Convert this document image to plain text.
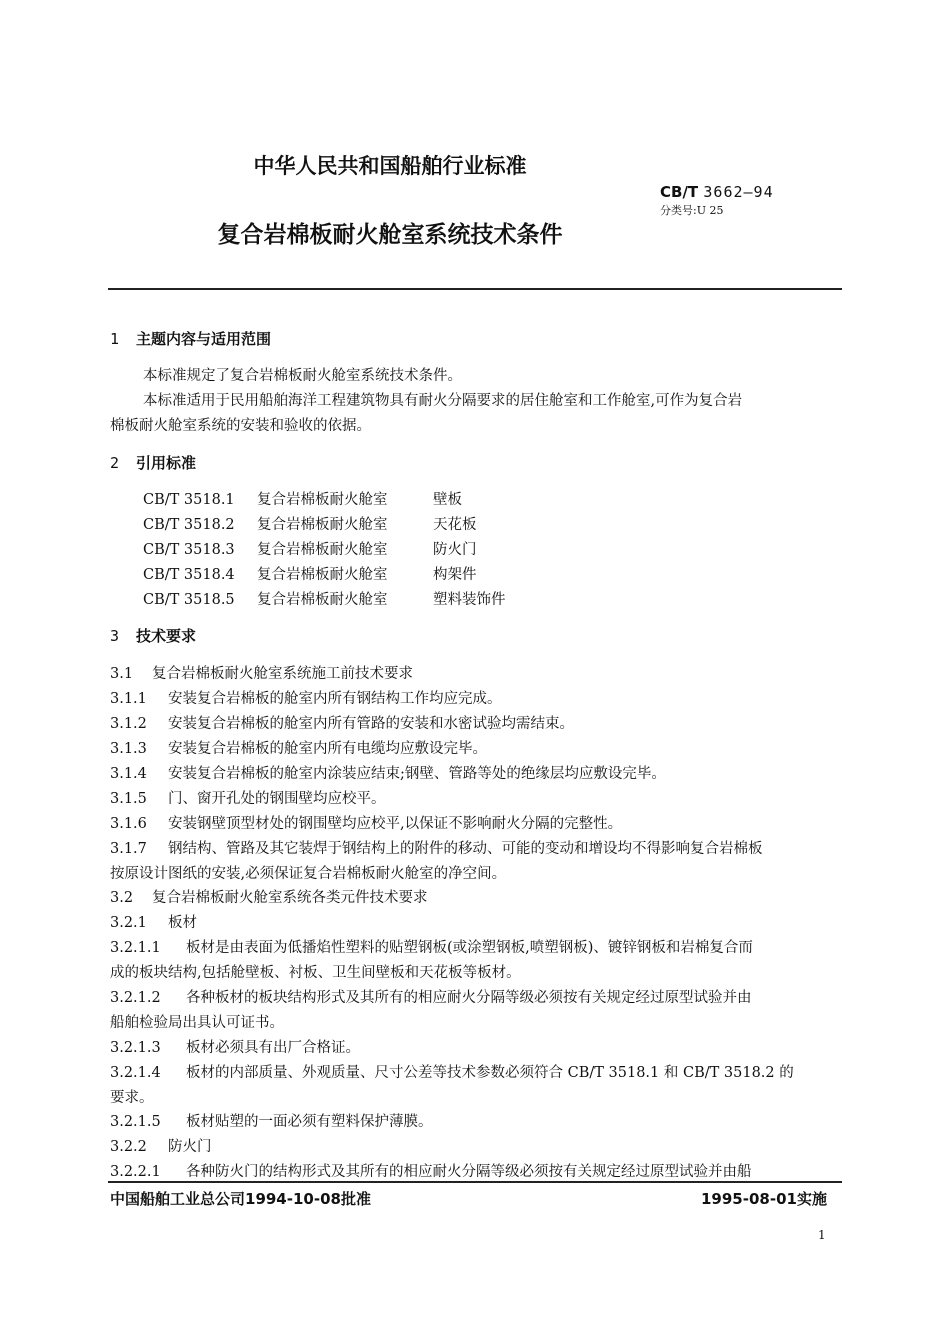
中华人民共和国船舶行业标准
CB/T 3662—94
分类号:U 25
复合岩棉板耐火舱室系统技术条件
1 主题内容与适用范围
本标准规定了复合岩棉板耐火舱室系统技术条件。
本标准适用于民用船舶海洋工程建筑物具有耐火分隔要求的居住舱室和工作舱室,可作为复合岩
棉板耐火舱室系统的安装和验收的依据。
2 引用标准
CB/T 3518.1 复合岩棉板耐火舱室	壁板
CB/T 3518.2 复合岩棉板耐火舱室	天花板
CB/T 3518.3 复合岩棉板耐火舱室	防火门
CB/T 3518.4 复合岩棉板耐火舱室	构架件
CB/T 3518.5 复合岩棉板耐火舱室	塑料装饰件
3 技术要求
3.1 复合岩棉板耐火舱室系统施工前技术要求
3.1.1 安装复合岩棉板的舱室内所有钢结构工作均应完成。
3.1.2 安装复合岩棉板的舱室内所有管路的安装和水密试验均需结束。
3.1.3 安装复合岩棉板的舱室内所有电缆均应敷设完毕。
3.1.4 安装复合岩棉板的舱室内涂装应结束;钢壁、管路等处的绝缘层均应敷设完毕。
3.1.5 门、窗开孔处的钢围壁均应校平。
3.1.6 安装钢壁顶型材处的钢围壁均应校平,以保证不影响耐火分隔的完整性。
3.1.7 钢结构、管路及其它装焊于钢结构上的附件的移动、可能的变动和增设均不得影响复合岩棉板
按原设计图纸的安装,必须保证复合岩棉板耐火舱室的净空间。
3.2 复合岩棉板耐火舱室系统各类元件技术要求
3.2.1 板材
3.2.1.1 板材是由表面为低播焰性塑料的贴塑钢板(或涂塑钢板,喷塑钢板)、镀锌钢板和岩棉复合而
成的板块结构,包括舱壁板、衬板、卫生间壁板和天花板等板材。
3.2.1.2 各种板材的板块结构形式及其所有的相应耐火分隔等级必须按有关规定经过原型试验并由
船舶检验局出具认可证书。
3.2.1.3 板材必须具有出厂合格证。
3.2.1.4 板材的内部质量、外观质量、尺寸公差等技术参数必须符合 CB/T 3518.1 和 CB/T 3518.2 的
要求。
3.2.1.5 板材贴塑的一面必须有塑料保护薄膜。
3.2.2 防火门
3.2.2.1 各种防火门的结构形式及其所有的相应耐火分隔等级必须按有关规定经过原型试验并由船
中国船舶工业总公司1994-10-08批准	1995-08-01实施
1
